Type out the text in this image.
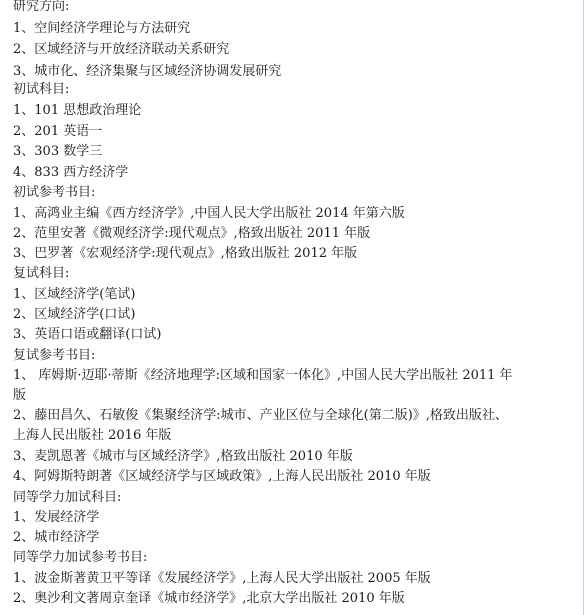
研究方向:
1、空间经济学理论与方法研究
2、区域经济与开放经济联动关系研究
3、城市化、经济集聚与区域经济协调发展研究
初试科目:
1、101 思想政治理论
2、201 英语一
3、303 数学三
4、833 西方经济学
初试参考书目:
1、高鸿业主编《西方经济学》,中国人民大学出版社 2014 年第六版
2、范里安著《微观经济学:现代观点》,格致出版社 2011 年版
3、巴罗著《宏观经济学:现代观点》,格致出版社 2012 年版
复试科目:
1、区域经济学(笔试)
2、区域经济学(口试)
3、英语口语或翻译(口试)
复试参考书目:
1、 库姆斯·迈耶·蒂斯《经济地理学:区域和国家一体化》,中国人民大学出版社 2011 年
版
2、藤田昌久、石敏俊《集聚经济学:城市、产业区位与全球化(第二版)》,格致出版社、
上海人民出版社 2016 年版
3、麦凯恩著《城市与区域经济学》,格致出版社 2010 年版
4、阿姆斯特朗著《区域经济学与区域政策》,上海人民出版社 2010 年版
同等学力加试科目:
1、发展经济学
2、城市经济学
同等学力加试参考书目:
1、波金斯著黄卫平等译《发展经济学》,上海人民大学出版社 2005 年版
2、奥沙利文著周京奎译《城市经济学》,北京大学出版社 2010 年版
